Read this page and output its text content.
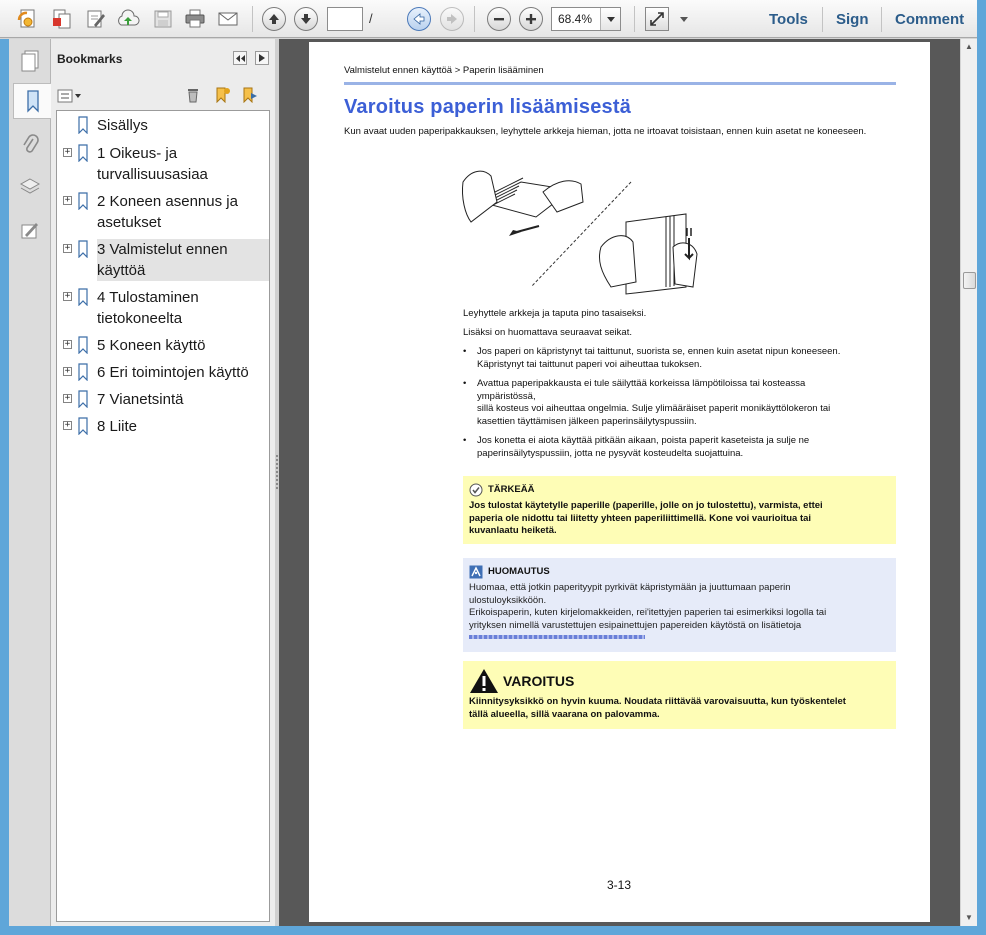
/	68.4%	Tools Sign Comment
Bookmarks
Sisällys
+ 1 Oikeus- ja
turvallisuusasiaa
+ 2 Koneen asennus ja
asetukset
+ 3 Valmistelut ennen
käyttöä
+ 4 Tulostaminen
tietokoneelta
+ 5 Koneen käyttö
+ 6 Eri toimintojen käyttö
+ 7 Vianetsintä
+ 8 Liite
▲
▼
Valmistelut ennen käyttöä > Paperin lisääminen
Varoitus paperin lisäämisestä
Kun avaat uuden paperipakkauksen, leyhyttele arkkeja hieman, jotta ne irtoavat toisistaan, ennen kuin asetat ne koneeseen.
Leyhyttele arkkeja ja taputa pino tasaiseksi.
Lisäksi on huomattava seuraavat seikat.
• Jos paperi on käpristynyt tai taittunut, suorista se, ennen kuin asetat nipun koneeseen.
Käpristynyt tai taittunut paperi voi aiheuttaa tukoksen.
• Avattua paperipakkausta ei tule säilyttää korkeissa lämpötiloissa tai kosteassa
ympäristössä,
sillä kosteus voi aiheuttaa ongelmia. Sulje ylimääräiset paperit monikäyttölokeron tai
kasettien täyttämisen jälkeen paperinsäilytyspussiin.
• Jos konetta ei aiota käyttää pitkään aikaan, poista paperit kaseteista ja sulje ne
paperinsäilytyspussiin, jotta ne pysyvät kosteudelta suojattuina.
TÄRKEÄÄ
Jos tulostat käytetylle paperille (paperille, jolle on jo tulostettu), varmista, ettei
paperia ole nidottu tai liitetty yhteen paperiliittimellä. Kone voi vaurioitua tai
kuvanlaatu heiketä.
HUOMAUTUS
Huomaa, että jotkin paperityypit pyrkivät käpristymään ja juuttumaan paperin
ulostuloyksikköön.
Erikoispaperin, kuten kirjelomakkeiden, rei'itettyjen paperien tai esimerkiksi logolla tai
yrityksen nimellä varustettujen esipainettujen papereiden käytöstä on lisätietoja
VAROITUS
Kiinnitysyksikkö on hyvin kuuma. Noudata riittävää varovaisuutta, kun työskentelet
tällä alueella, sillä vaarana on palovamma.
3-13
